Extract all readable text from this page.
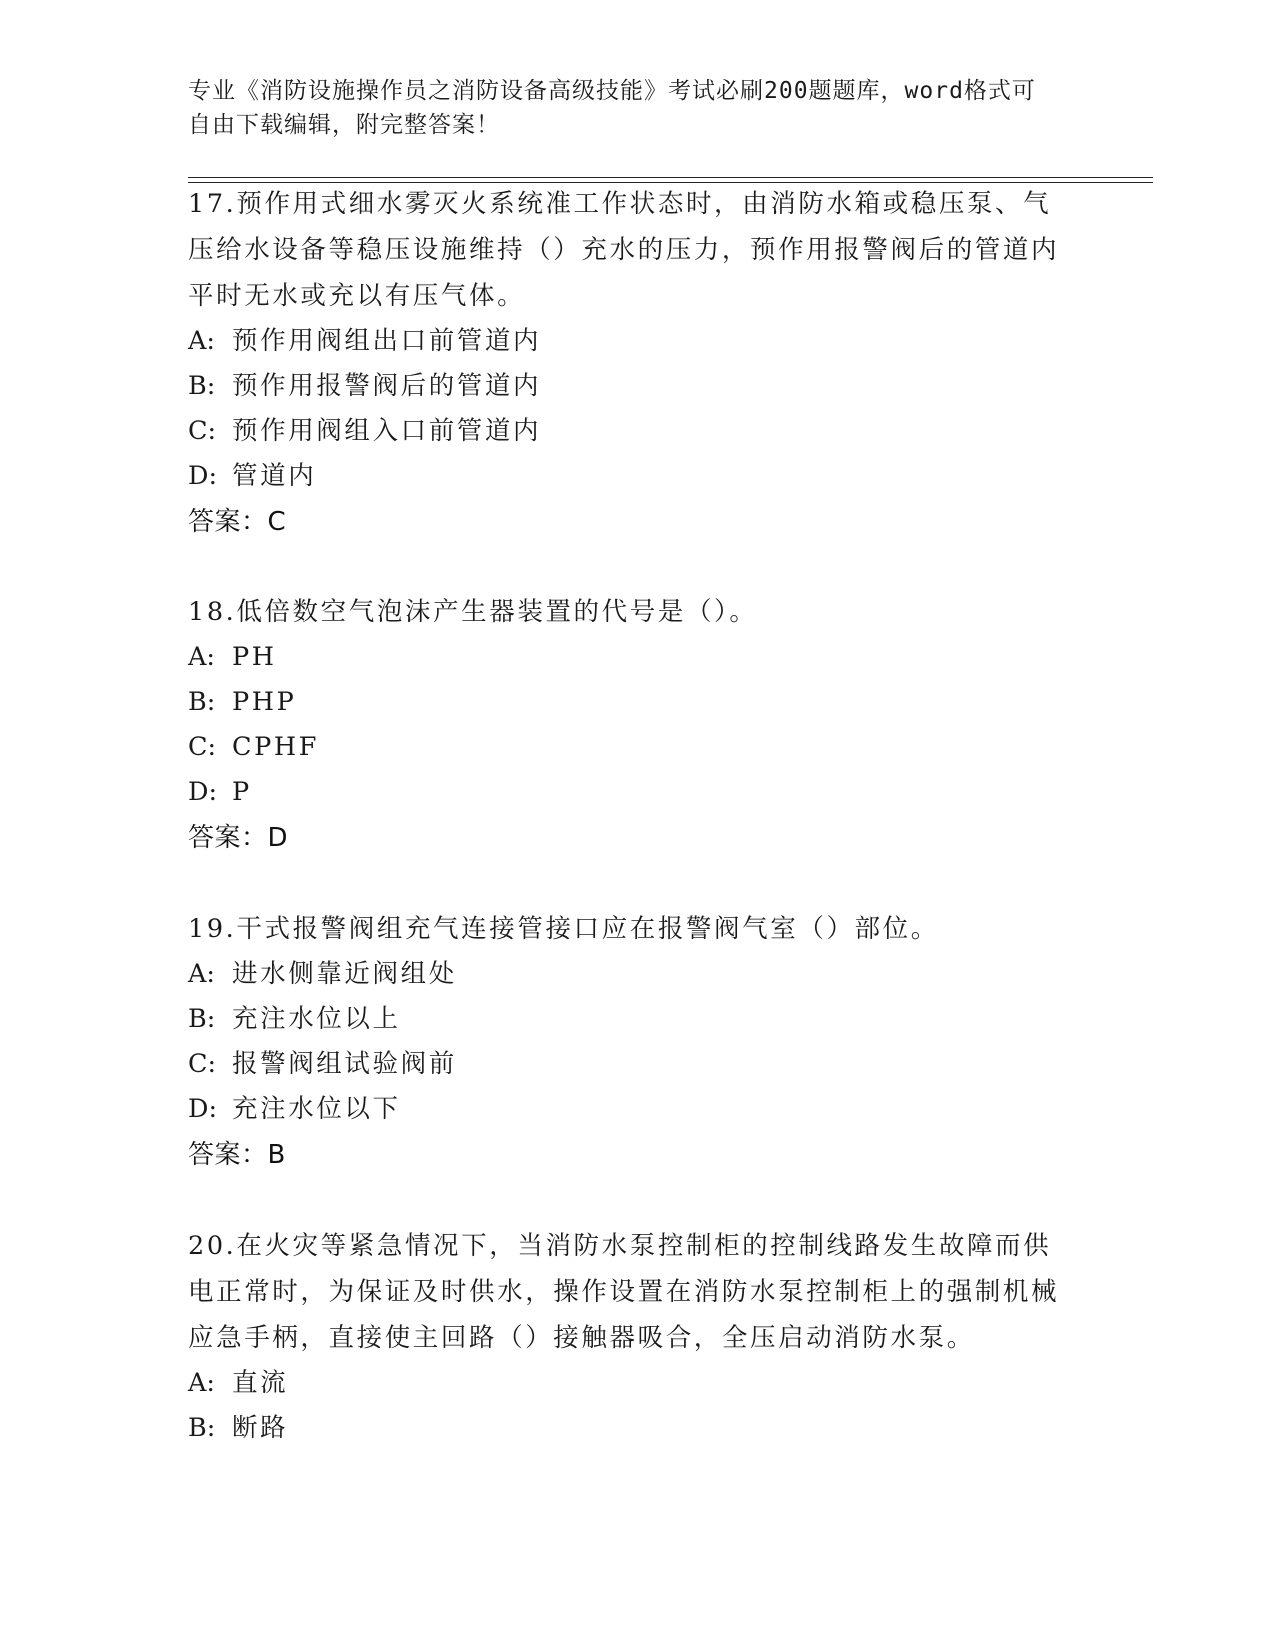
专业《消防设施操作员之消防设备高级技能》考试必刷200题题库，word格式可
自由下载编辑，附完整答案！
17.预作用式细水雾灭火系统准工作状态时，由消防水箱或稳压泵、气压给水设备等稳压设施维持（）充水的压力，预作用报警阀后的管道内平时无水或充以有压气体。
A: 预作用阀组出口前管道内
B: 预作用报警阀后的管道内
C: 预作用阀组入口前管道内
D: 管道内
答案：C
18.低倍数空气泡沫产生器装置的代号是（）。
A: PH
B: PHP
C: CPHF
D: P
答案：D
19.干式报警阀组充气连接管接口应在报警阀气室（）部位。
A: 进水侧靠近阀组处
B: 充注水位以上
C: 报警阀组试验阀前
D: 充注水位以下
答案：B
20.在火灾等紧急情况下，当消防水泵控制柜的控制线路发生故障而供电正常时，为保证及时供水，操作设置在消防水泵控制柜上的强制机械应急手柄，直接使主回路（）接触器吸合，全压启动消防水泵。
A: 直流
B: 断路
